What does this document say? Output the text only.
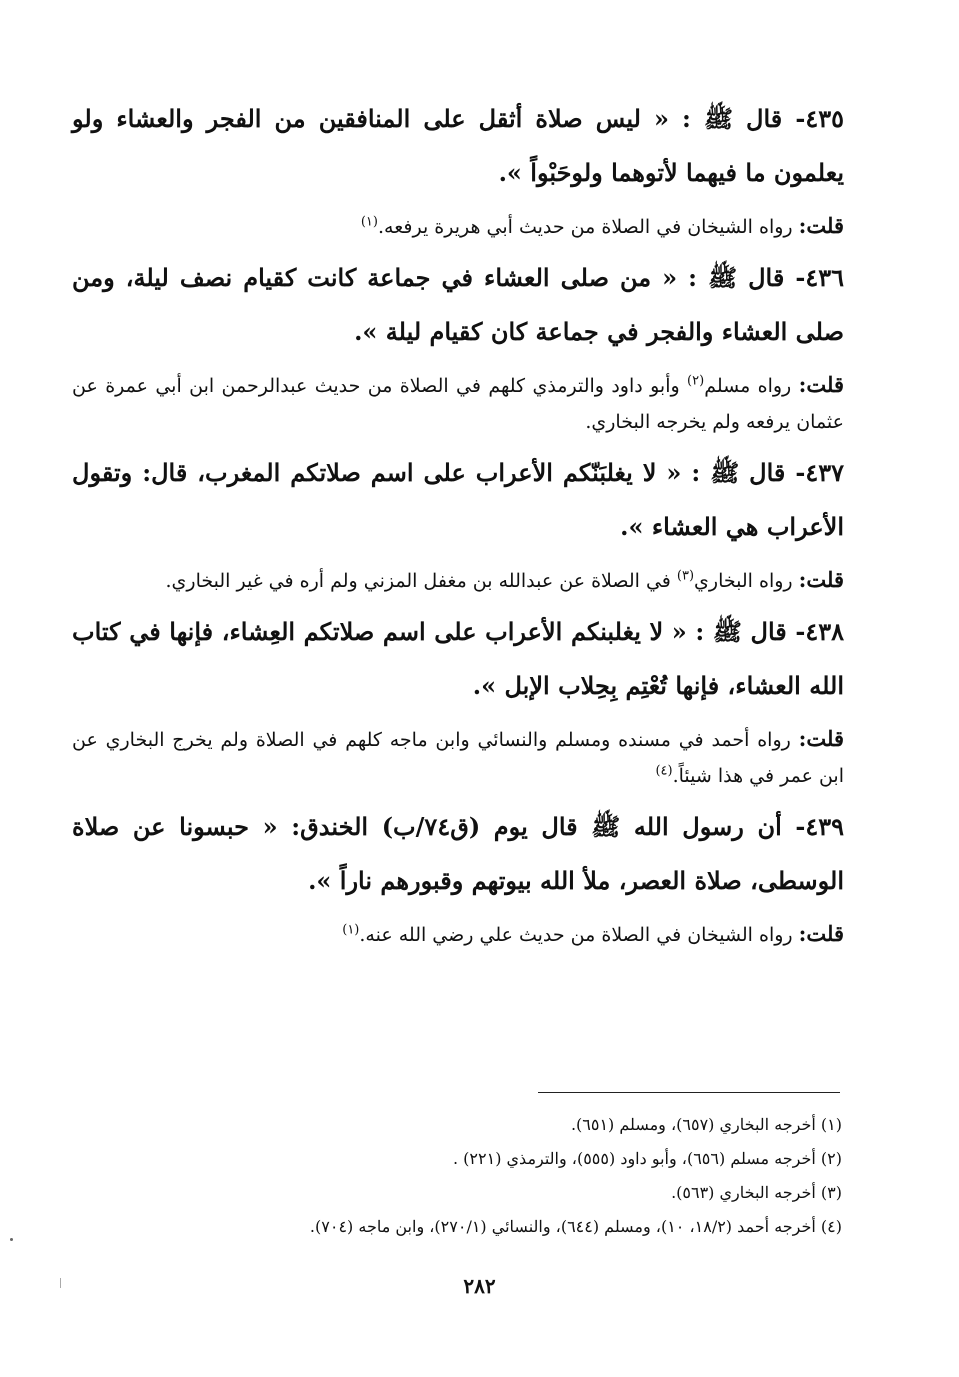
٤٣٥- قال ﷺ : « ليس صلاة أثقل على المنافقين من الفجر والعشاء ولو يعلمون ما فيهما لأتوهما ولوحَبْواً ».

قلت: رواه الشيخان في الصلاة من حديث أبي هريرة يرفعه.$^{(١)}$

٤٣٦- قال ﷺ : « من صلى العشاء في جماعة كانت كقيام نصف ليلة، ومن صلى العشاء والفجر في جماعة كان كقيام ليلة ».

قلت: رواه مسلم$^{(٢)}$ وأبو داود والترمذي كلهم في الصلاة من حديث عبدالرحمن ابن أبي عمرة عن عثمان يرفعه ولم يخرجه البخاري.

٤٣٧- قال ﷺ : « لا يغلبَنّكم الأعراب على اسم صلاتكم المغرب، قال: وتقول الأعراب هي العشاء ».

قلت: رواه البخاري$^{(٣)}$ في الصلاة عن عبدالله بن مغفل المزني ولم أره في غير البخاري.

٤٣٨- قال ﷺ : « لا يغلبنكم الأعراب على اسم صلاتكم العِشاء، فإنها في كتاب الله العشاء، فإنها تُعْتِم بِحِلاب الإبل ».

قلت: رواه أحمد في مسنده ومسلم والنسائي وابن ماجه كلهم في الصلاة ولم يخرج البخاري عن ابن عمر في هذا شيئاً.$^{(٤)}$

٤٣٩- أن رسول الله ﷺ قال يوم (ق٧٤/ب) الخندق: « حبسونا عن صلاة الوسطى، صلاة العصر، ملأ الله بيوتهم وقبورهم ناراً ».

قلت: رواه الشيخان في الصلاة من حديث علي رضي الله عنه.$^{(١)}$

(١) أخرجه البخاري (٦٥٧)، ومسلم (٦٥١).
(٢) أخرجه مسلم (٦٥٦)، وأبو داود (٥٥٥)، والترمذي (٢٢١) .
(٣) أخرجه البخاري (٥٦٣).
(٤) أخرجه أحمد (١٨/٢، ١٠)، ومسلم (٦٤٤)، والنسائي (٢٧٠/١)، وابن ماجه (٧٠٤).
٢٨٢
